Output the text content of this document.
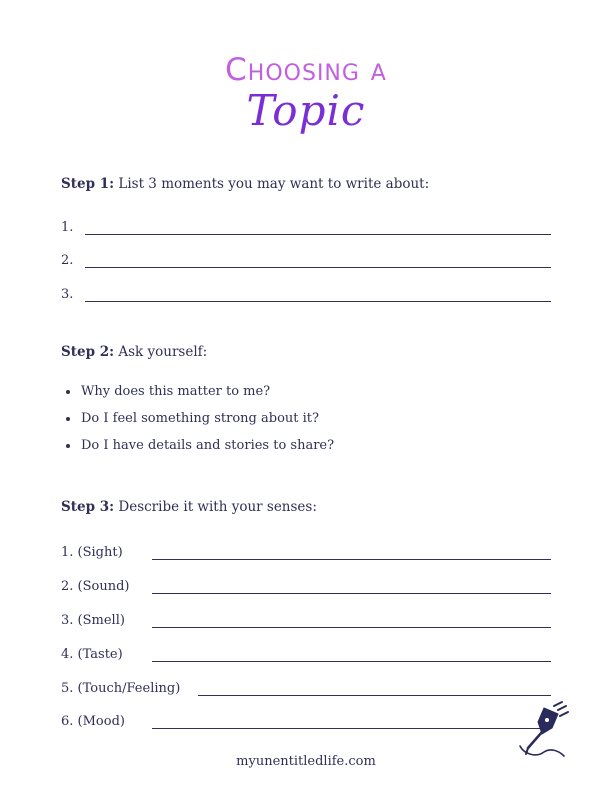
Choosing a
Topic
Step 1: List 3 moments you may want to write about:
1.
2.
3.
Step 2: Ask yourself:
Why does this matter to me?
Do I feel something strong about it?
Do I have details and stories to share?
Step 3: Describe it with your senses:
1. (Sight)
2. (Sound)
3. (Smell)
4. (Taste)
5. (Touch/Feeling)
6. (Mood)
myunentitledlife.com
